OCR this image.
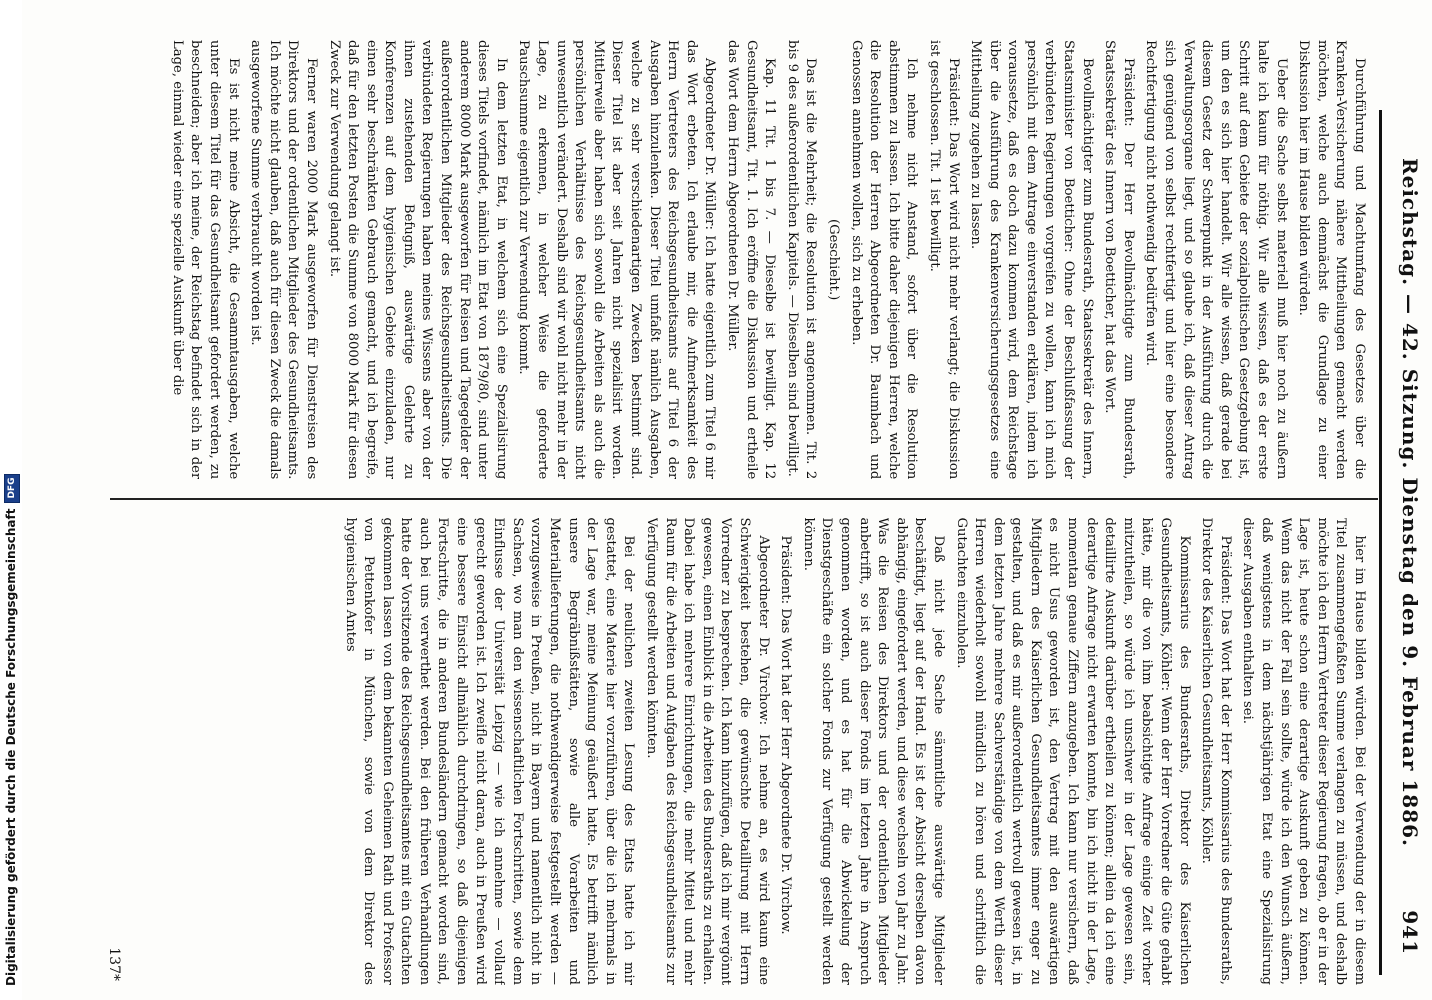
Digitalisierung gefördert durch die Deutsche ForschungsgemeinschaftDFG	Reichstag. — 42. Sitzung. Dienstag den 9. Februar 1886.
941

hier im Hause bilden würden. Bei der Verwendung der in diesem Titel zusammengefaßten Summe verlangen zu müssen, und deshalb möchte ich den Herrn Vertreter dieser Regierung fragen, ob er in der Lage ist, heute schon eine derartige Auskunft geben zu können. Wenn das nicht der Fall sein sollte, würde ich den Wunsch äußern, daß wenigstens in dem nächstjährigen Etat eine Spezialisirung dieser Ausgaben enthalten sei.

Präsident: Das Wort hat der Herr Kommissarius des Bundesraths, Direktor des Kaiserlichen Gesundheitsamts, Köhler.

Kommissarius des Bundesraths, Direktor des Kaiserlichen Gesundheitsamts, Köhler: Wenn der Herr Vorredner die Güte gehabt hätte, mir die von ihm beabsichtigte Anfrage einige Zeit vorher mitzutheilen, so würde ich unschwer in der Lage gewesen sein, detaillirte Auskunft darüber ertheilen zu können; allein da ich eine derartige Anfrage nicht erwarten konnte, bin ich nicht in der Lage, momentan genaue Ziffern anzugeben. Ich kann nur versichern, daß es nicht Usus geworden ist, den Vertrag mit den auswärtigen Mitgliedern des Kaiserlichen Gesundheitsamtes immer enger zu gestalten, und daß es mir außerordentlich wertvoll gewesen ist, in dem letzten Jahre mehrere Sachverständige von dem Werth dieser Herren wiederholt sowohl mündlich zu hören und schriftlich die Gutachten einzuholen.

Daß nicht jede Sache sämmtliche auswärtige Mitglieder beschäftigt, liegt auf der Hand. Es ist der Absicht derselben davon abhängig, eingefordert werden, und diese wechseln von Jahr zu Jahr. Was die Reisen des Direktors und der ordentlichen Mitglieder anbetrifft, so ist auch dieser Fonds im letzten Jahre in Anspruch genommen worden, und es hat für die Abwickelung der Dienstgeschäfte ein solcher Fonds zur Verfügung gestellt werden können.

Präsident: Das Wort hat der Herr Abgeordnete Dr. Virchow.

Abgeordneter Dr. Virchow: Ich nehme an, es wird kaum eine Schwierigkeit bestehen, die gewünschte Detaillirung mit Herrn Vorredner zu besprechen. Ich kann hinzufügen, daß ich mir vergönnt gewesen, einen Einblick in die Arbeiten des Bundesraths zu erhalten. Dabei habe ich mehrere Einrichtungen, die mehr Mittel und mehr Raum für die Arbeiten und Aufgaben des Reichsgesundheitsamts zur Verfügung gestellt werden könnten.

Bei der neulichen zweiten Lesung des Etats hatte ich mir gestattet, eine Materie hier vorzuführen, über die ich mehrmals in der Lage war, meine Meinung geäußert hatte. Es betrifft nämlich unsere Begräbnißstätten, sowie alle Vorarbeiten und Materiallieferungen, die nothwendigerweise festgestellt werden — vorzugsweise in Preußen, nicht in Bayern und namentlich nicht in Sachsen, wo man den wissenschaftlichen Fortschritten, sowie dem Einflusse der Universität Leipzig — wie ich annehme — vollauf gerecht geworden ist. Ich zweifle nicht daran, auch in Preußen wird eine bessere Einsicht allmählich durchdringen, so daß diejenigen Fortschritte, die in anderen Bundesländern gemacht worden sind, auch bei uns verwerthet werden. Bei den früheren Verhandlungen hatte der Vorsitzende des Reichsgesundheitsamtes mit ein Gutachten gekommen lassen von dem bekannten Geheimen Rath und Professor von Pettenkofer in München, sowie von dem Direktor des hygienischen Amtes

Durchführung und Machtumfang des Gesetzes über die Kranken-Versicherung nähere Mittheilungen gemacht werden möchten, welche auch demnächst die Grundlage zu einer Diskussion hier im Hause bilden würden.

Ueber die Sache selbst materiell muß hier noch zu äußern halte ich kaum für nöthig. Wir alle wissen, daß es der erste Schritt auf dem Gebiete der sozialpolitischen Gesetzgebung ist, um den es sich hier handelt. Wir alle wissen, daß gerade bei diesem Gesetz der Schwerpunkt in der Ausführung durch die Verwaltungsorgane liegt, und so glaube ich, daß dieser Antrag sich genügend von selbst rechtfertigt und hier eine besondere Rechtfertigung nicht nothwendig bedürfen wird.

Präsident: Der Herr Bevollmächtigte zum Bundesrath, Staatssekretär des Innern von Boetticher, hat das Wort.

Bevollmächtigter zum Bundesrath, Staatssekretär des Innern, Staatsminister von Boetticher: Ohne der Beschlußfassung der verbündeten Regierungen vorgreifen zu wollen, kann ich mich persönlich mit dem Antrage einverstanden erklären, indem ich voraussetze, daß es doch dazu kommen wird, dem Reichstage über die Ausführung des Krankenversicherungsgesetzes eine Mittheilung zugehen zu lassen.

Präsident: Das Wort wird nicht mehr verlangt; die Diskussion ist geschlossen. Tit. 1 ist bewilligt.

Ich nehme nicht Anstand, sofort über die Resolution abstimmen zu lassen. Ich bitte daher diejenigen Herren, welche die Resolution der Herren Abgeordneten Dr. Baumbach und Genossen annehmen wollen, sich zu erheben.

(Geschieht.)

Das ist die Mehrheit; die Resolution ist angenommen. Tit. 2 bis 9 des außerordentlichen Kapitels. — Dieselben sind bewilligt.

Kap. 11 Tit. 1 bis 7. — Dieselbe ist bewilligt. Kap. 12 Gesundheitsamt, Tit. 1. Ich eröffne die Diskussion und ertheile das Wort dem Herrn Abgeordneten Dr. Müller.

Abgeordneter Dr. Müller: Ich hatte eigentlich zum Titel 6 mir das Wort erbeten. Ich erlaube mir, die Aufmerksamkeit des Herrn Vertreters des Reichsgesundheitsamts auf Titel 6 der Ausgaben hinzulenken. Dieser Titel umfaßt nämlich Ausgaben, welche zu sehr verschiedenartigen Zwecken bestimmt sind. Dieser Titel ist aber seit Jahren nicht spezialisirt worden. Mittlerweile aber haben sich sowohl die Arbeiten als auch die persönlichen Verhältnisse des Reichsgesundheitsamts nicht unwesentlich verändert. Deshalb sind wir wohl nicht mehr in der Lage, zu erkennen, in welcher Weise die geforderte Pauschsumme eigentlich zur Verwendung kommt.

In dem letzten Etat, in welchem sich eine Spezialisirung dieses Titels vorfindet, nämlich im Etat von 1879/80, sind unter anderem 8000 Mark ausgeworfen für Reisen und Tagegelder der außerordentlichen Mitglieder des Reichsgesundheitsamts. Die verbündeten Regierungen haben meines Wissens aber von der ihnen zustehenden Befugniß, auswärtige Gelehrte zu Konferenzen auf dem hygienischen Gebiete einzuladen, nur einen sehr beschränkten Gebrauch gemacht, und ich begreife, daß für den letzten Posten die Summe von 8000 Mark für diesen Zweck zur Verwendung gelangt ist.

Ferner waren 2000 Mark ausgeworfen für Dienstreisen des Direktors und der ordentlichen Mitglieder des Gesundheitsamts. Ich möchte nicht glauben, daß auch für diesen Zweck die damals ausgeworfene Summe verbraucht worden ist.

Es ist nicht meine Absicht, die Gesammtausgaben, welche unter diesem Titel für das Gesundheitsamt gefordert werden, zu beschneiden; aber ich meine, der Reichstag befindet sich in der Lage, einmal wieder eine spezielle Auskunft über die

137*
